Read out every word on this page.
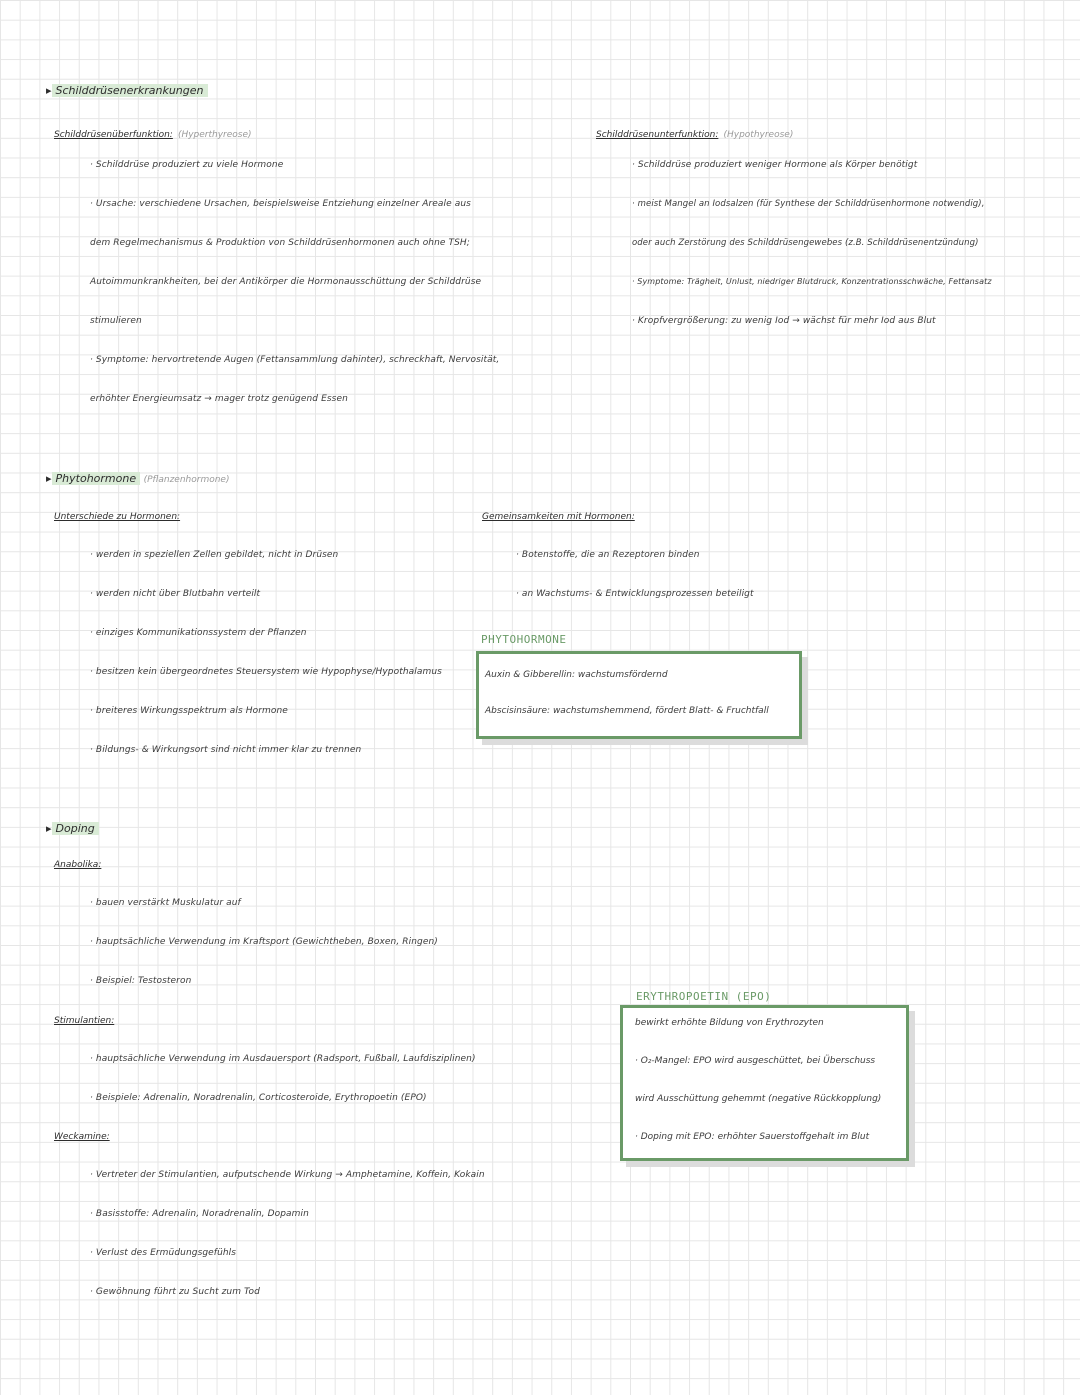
▸ Schilddrüsenerkrankungen
Schilddrüsenüberfunktion: (Hyperthyreose)
· Schilddrüse produziert zu viele Hormone
· Ursache: verschiedene Ursachen, beispielsweise Entziehung einzelner Areale aus
dem Regelmechanismus & Produktion von Schilddrüsenhormonen auch ohne TSH;
Autoimmunkrankheiten, bei der Antikörper die Hormonausschüttung der Schilddrüse
stimulieren
· Symptome: hervortretende Augen (Fettansammlung dahinter), schreckhaft, Nervosität,
erhöhter Energieumsatz → mager trotz genügend Essen
Schilddrüsenunterfunktion: (Hypothyreose)
· Schilddrüse produziert weniger Hormone als Körper benötigt
· meist Mangel an Iodsalzen (für Synthese der Schilddrüsenhormone notwendig),
oder auch Zerstörung des Schilddrüsengewebes (z.B. Schilddrüsenentzündung)
· Symptome: Trägheit, Unlust, niedriger Blutdruck, Konzentrationsschwäche, Fettansatz
· Kropfvergrößerung: zu wenig Iod → wächst für mehr Iod aus Blut
▸ Phytohormone (Pflanzenhormone)
Unterschiede zu Hormonen:
· werden in speziellen Zellen gebildet, nicht in Drüsen
· werden nicht über Blutbahn verteilt
· einziges Kommunikationssystem der Pflanzen
· besitzen kein übergeordnetes Steuersystem wie Hypophyse/Hypothalamus
· breiteres Wirkungsspektrum als Hormone
· Bildungs- & Wirkungsort sind nicht immer klar zu trennen
Gemeinsamkeiten mit Hormonen:
· Botenstoffe, die an Rezeptoren binden
· an Wachstums- & Entwicklungsprozessen beteiligt
PHYTOHORMONE
Auxin & Gibberellin: wachstumsfördernd
Abscisinsäure: wachstumshemmend, fördert Blatt- & Fruchtfall
▸ Doping
Anabolika:
· bauen verstärkt Muskulatur auf
· hauptsächliche Verwendung im Kraftsport (Gewichtheben, Boxen, Ringen)
· Beispiel: Testosteron
Stimulantien:
· hauptsächliche Verwendung im Ausdauersport (Radsport, Fußball, Laufdisziplinen)
· Beispiele: Adrenalin, Noradrenalin, Corticosteroide, Erythropoetin (EPO)
Weckamine:
· Vertreter der Stimulantien, aufputschende Wirkung → Amphetamine, Koffein, Kokain
· Basisstoffe: Adrenalin, Noradrenalin, Dopamin
· Verlust des Ermüdungsgefühls
· Gewöhnung führt zu Sucht zum Tod
ERYTHROPOETIN (EPO)
bewirkt erhöhte Bildung von Erythrozyten
· O₂-Mangel: EPO wird ausgeschüttet, bei Überschuss
wird Ausschüttung gehemmt (negative Rückkopplung)
· Doping mit EPO: erhöhter Sauerstoffgehalt im Blut
